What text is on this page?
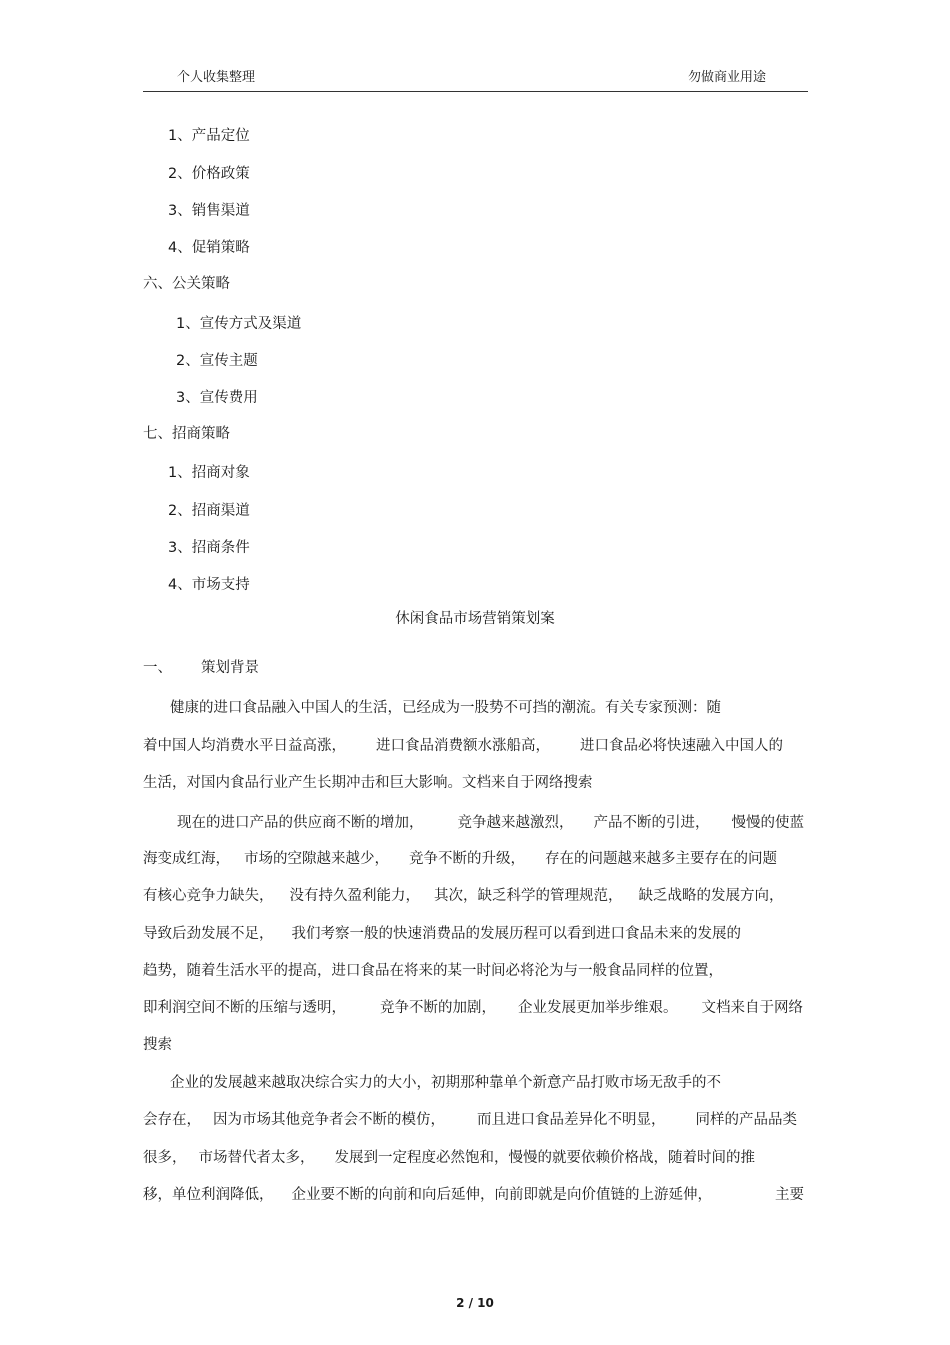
个人收集整理	勿做商业用途
1、产品定位
2、价格政策
3、销售渠道
4、促销策略
六、公关策略
1、宣传方式及渠道
2、宣传主题
3、宣传费用
七、招商策略
1、招商对象
2、招商渠道
3、招商条件
4、市场支持
休闲食品市场营销策划案
一、 策划背景
健康的进口食品融入中国人的生活，已经成为一股势不可挡的潮流。有关专家预测：随
着中国人均消费水平日益高涨， 进口食品消费额水涨船高， 进口食品必将快速融入中国人的
生活，对国内食品行业产生长期冲击和巨大影响。文档来自于网络搜索
现在的进口产品的供应商不断的增加， 竞争越来越激烈， 产品不断的引进， 慢慢的使蓝
海变成红海， 市场的空隙越来越少， 竞争不断的升级， 存在的问题越来越多主要存在的问题
有核心竞争力缺失， 没有持久盈利能力， 其次，缺乏科学的管理规范， 缺乏战略的发展方向，
导致后劲发展不足， 我们考察一般的快速消费品的发展历程可以看到进口食品未来的发展的
趋势，随着生活水平的提高，进口食品在将来的某一时间必将沦为与一般食品同样的位置，
即利润空间不断的压缩与透明， 竞争不断的加剧， 企业发展更加举步维艰。 文档来自于网络
搜索
企业的发展越来越取决综合实力的大小，初期那种靠单个新意产品打败市场无敌手的不
会存在， 因为市场其他竞争者会不断的模仿， 而且进口食品差异化不明显， 同样的产品品类
很多， 市场替代者太多， 发展到一定程度必然饱和，慢慢的就要依赖价格战，随着时间的推
移，单位利润降低， 企业要不断的向前和向后延伸，向前即就是向价值链的上游延伸，	主要
2 / 10
